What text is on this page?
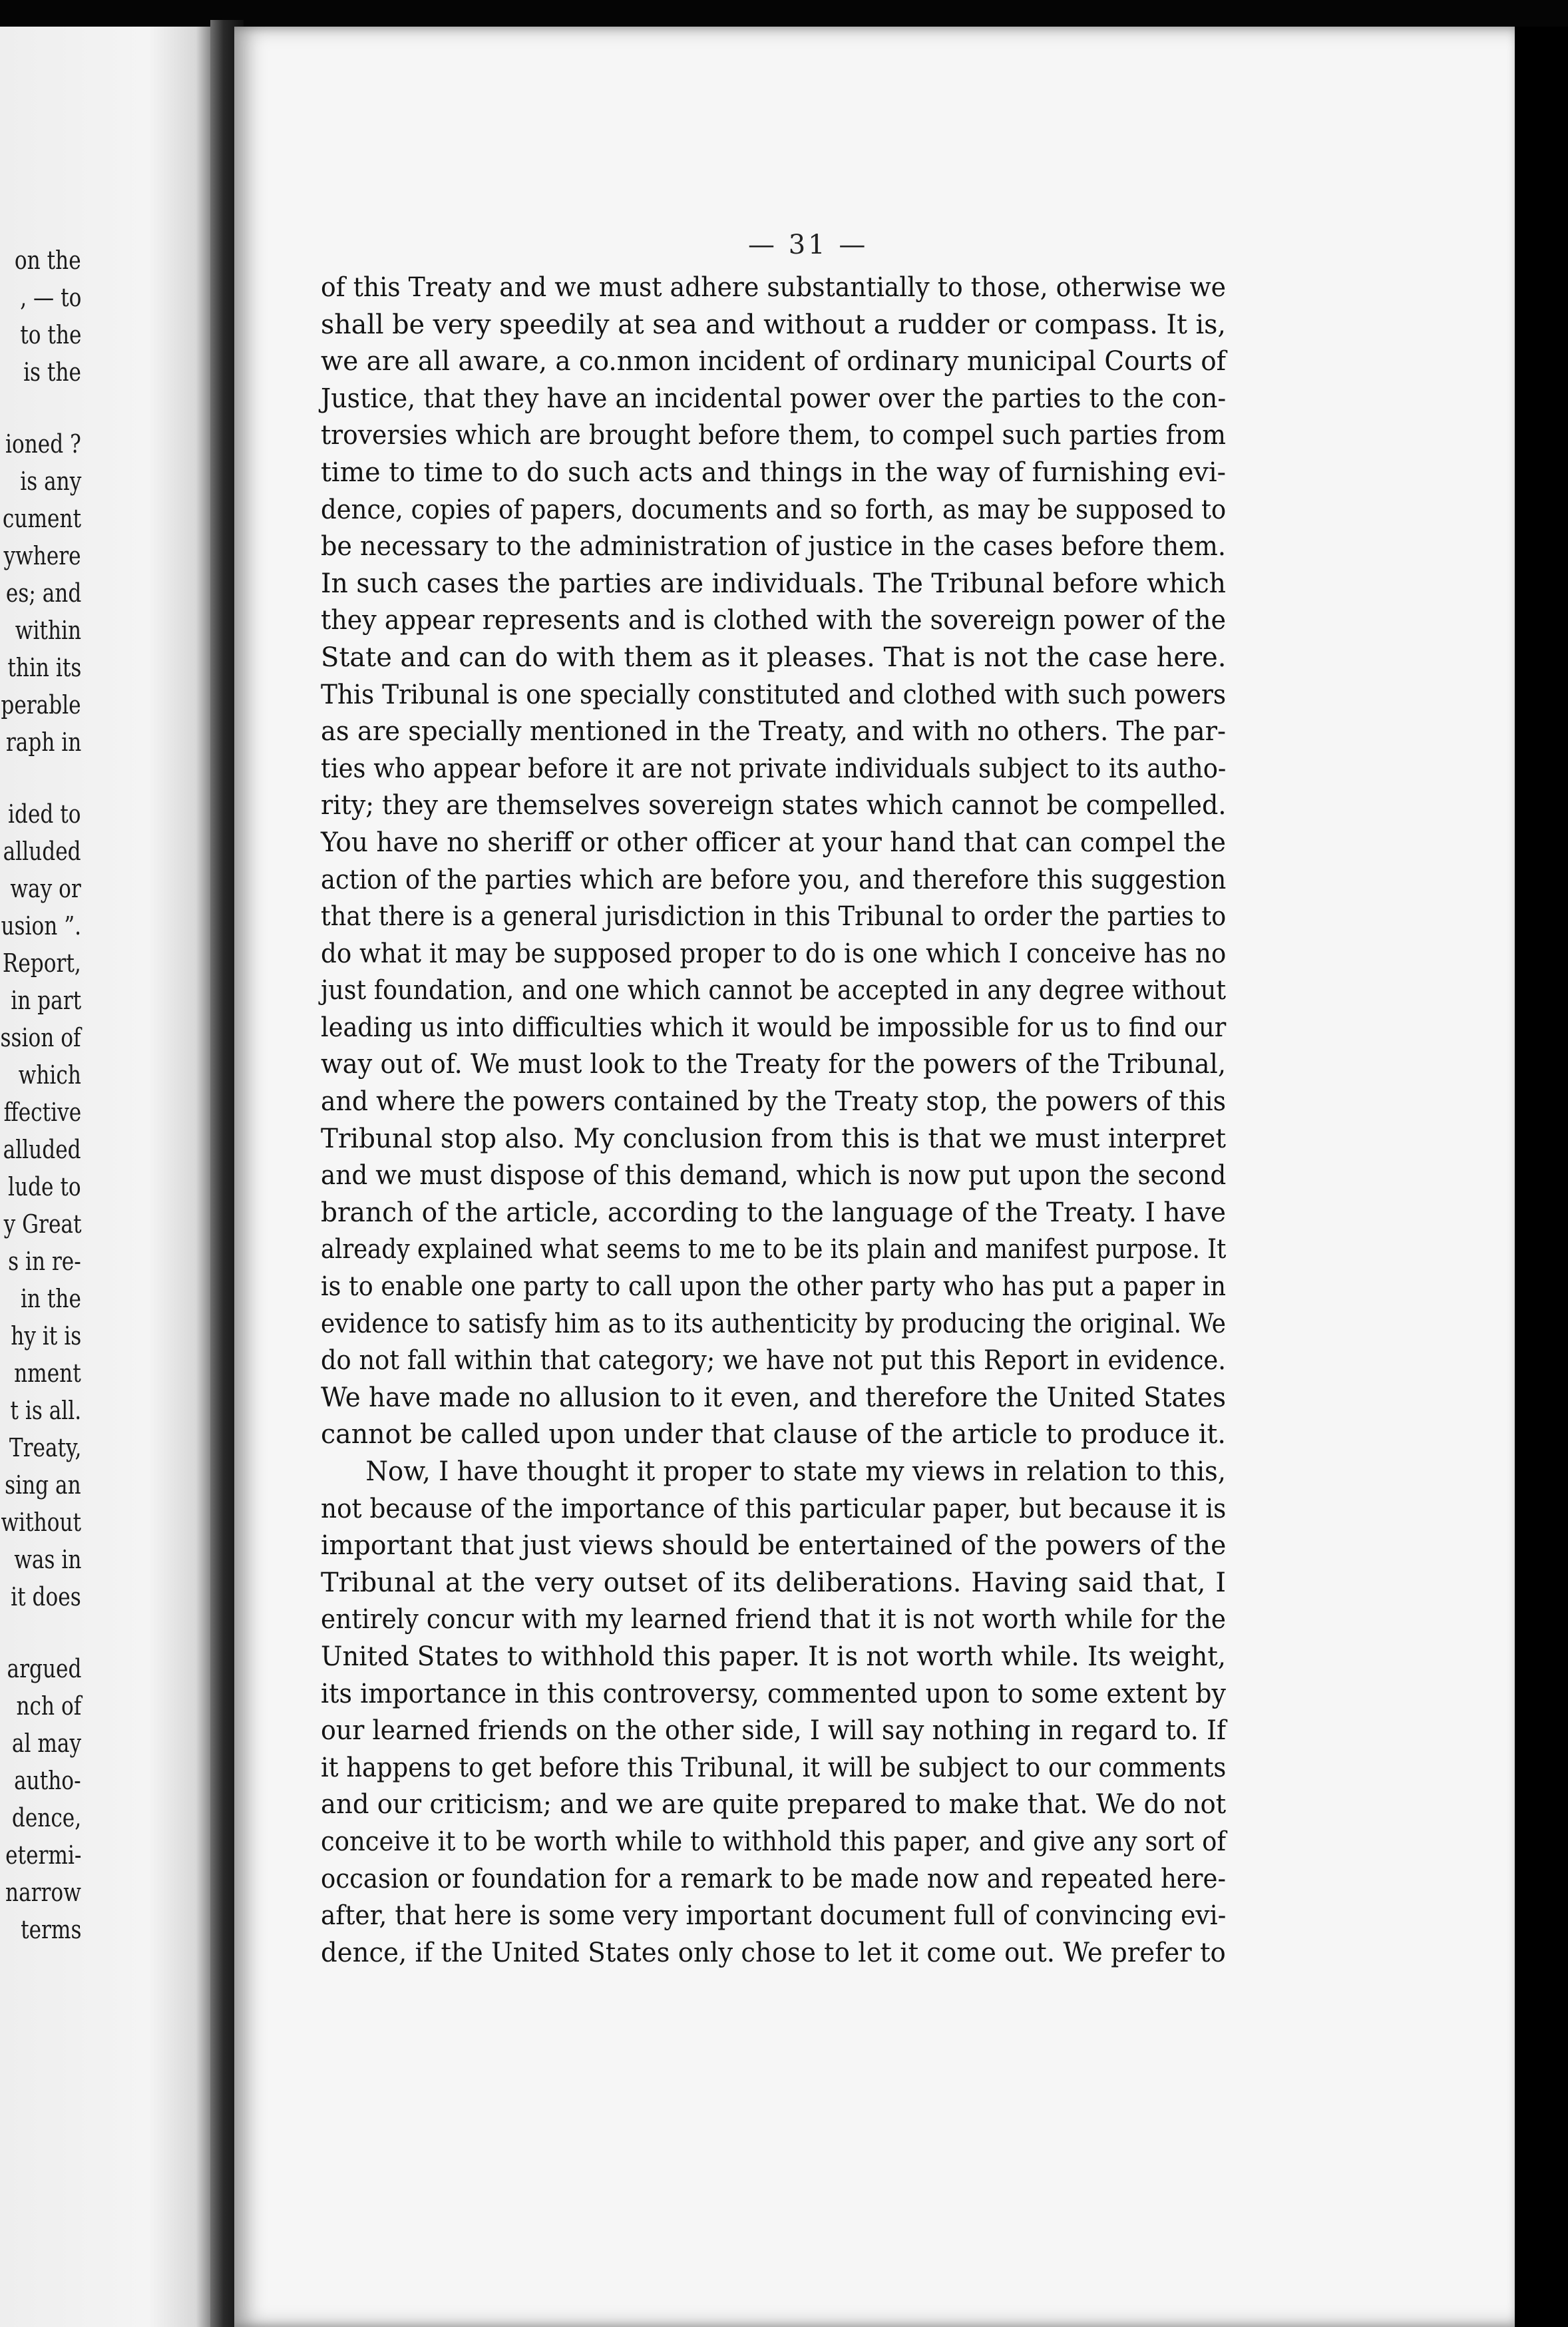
on the
, — to
to the
is the
ioned ?
is any
cument
ywhere
es; and
within
thin its
perable
raph in
ided to
alluded
way or
usion ”.
Report,
in part
ssion of
which
ffective
alluded
lude to
y Great
s in re-
in the
hy it is
nment
t is all.
Treaty,
sing an
without
was in
it does
argued
nch of
al may
autho-
dence,
etermi-
narrow
terms
— 31 —
of this Treaty and we must adhere substantially to those, otherwise we
shall be very speedily at sea and without a rudder or compass. It is,
we are all aware, a co.nmon incident of ordinary municipal Courts of
Justice, that they have an incidental power over the parties to the con-
troversies which are brought before them, to compel such parties from
time to time to do such acts and things in the way of furnishing evi-
dence, copies of papers, documents and so forth, as may be supposed to
be necessary to the administration of justice in the cases before them.
In such cases the parties are individuals. The Tribunal before which
they appear represents and is clothed with the sovereign power of the
State and can do with them as it pleases. That is not the case here.
This Tribunal is one specially constituted and clothed with such powers
as are specially mentioned in the Treaty, and with no others. The par-
ties who appear before it are not private individuals subject to its autho-
rity; they are themselves sovereign states which cannot be compelled.
You have no sheriff or other officer at your hand that can compel the
action of the parties which are before you, and therefore this suggestion
that there is a general jurisdiction in this Tribunal to order the parties to
do what it may be supposed proper to do is one which I conceive has no
just foundation, and one which cannot be accepted in any degree without
leading us into difficulties which it would be impossible for us to find our
way out of. We must look to the Treaty for the powers of the Tribunal,
and where the powers contained by the Treaty stop, the powers of this
Tribunal stop also. My conclusion from this is that we must interpret
and we must dispose of this demand, which is now put upon the second
branch of the article, according to the language of the Treaty. I have
already explained what seems to me to be its plain and manifest purpose. It
is to enable one party to call upon the other party who has put a paper in
evidence to satisfy him as to its authenticity by producing the original. We
do not fall within that category; we have not put this Report in evidence.
We have made no allusion to it even, and therefore the United States
cannot be called upon under that clause of the article to produce it.
Now, I have thought it proper to state my views in relation to this,
not because of the importance of this particular paper, but because it is
important that just views should be entertained of the powers of the
Tribunal at the very outset of its deliberations. Having said that, I
entirely concur with my learned friend that it is not worth while for the
United States to withhold this paper. It is not worth while. Its weight,
its importance in this controversy, commented upon to some extent by
our learned friends on the other side, I will say nothing in regard to. If
it happens to get before this Tribunal, it will be subject to our comments
and our criticism; and we are quite prepared to make that. We do not
conceive it to be worth while to withhold this paper, and give any sort of
occasion or foundation for a remark to be made now and repeated here-
after, that here is some very important document full of convincing evi-
dence, if the United States only chose to let it come out. We prefer to
